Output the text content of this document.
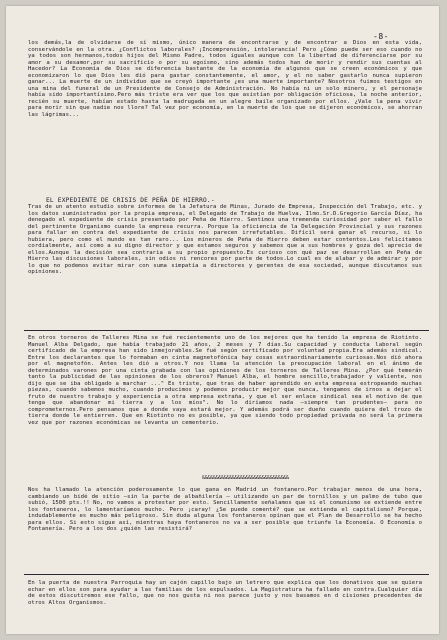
-8-

los demás,la de olvidarse de sí mismo, único manera de encontrarse y de encontrar a Dios en esta vida, conservándole en la otra. ¿Conflictos laborales? ¡Incomprensión, intolerancia! Pero ¿Cómo puede ser eso cuando no ya todos son hermanos,todos hijos del Mismo Padre, todos iguales aunque con la libertad de diferenciarse por su amor a su desamor,por su sacrificio o por su egoísmo, sino además todos han de morir y rendir sus cuentas al Hacedor? La Economía de Dios se diferencia bastante de la economía de algunos que se creen económicos y que economizaron lo que Dios les dió para gastar constantemente, el amor, y el no saber gastarlo nunca supieron ganar... La muerte de un individuo que se creyó importante ¿es una muerte importante? Nosotros fuimos testigos en una mina del funeral de un Presidente de Consejo de Administración. No había ni un solo minero, y el personaje había sido importantísimo.Pero más triste era ver que los que asistían por obligación oficiosa, la noche anterior, recién su muerte, habían estado hasta la madrugada en un alegre baile organizado por ellos. ¿Vale la pena vivir para morir sin que nadie nos llore? Tal vez por economía, en la muerte de los que se dijeron económicos, se ahorran las lágrimas...

EL EXPEDIENTE DE CRISIS DE PEÑA DE HIERRO.-

Tras de un atento estudio sobre informes de la Jefatura de Minas, Jurado de Empresa, Inspección del Trabajo, etc. y los datos suministrados por la propia empresa, el Delegado de Trabajo de Huelva, Ilmo.Sr.D.Gregorio García Díez, ha denegado el expediente de crisis presentado por Peña de Hierro. Sentimos una tremenda curiosidad por saber el fallo del pertinente Organismo cuando la empresa recurra. Porque la oficiencia de la Delegación Provincial y sus razones para fallar en contra del expediente de crisis nos parecen irrefutables. Difícil será ganar el recurso, si lo hubiera, pero como el mundo es tan raro... Los mineros de Peña de Hierro deben estar contentos.Les felicitamos cordialmente, así como a su digno director y que estamos seguros y sabemos que a sus hombres y goza del aprecio de ellos.Aunque la decisión sea contraria a su propio propuesto.Es curioso con qué paz se desarrollan en Peña de Hierro las discusiones laborales, sin odios ni rencores por parte de todos.Lo cual es de alabar y de admirar y por lo que no podemos evitar mirar con suma simpatía a directores y gerentes de esa sociedad, aunque discutamos sus opiniones.

En otros torneros de Talleres Mina se fué recientemente uno de los mejores que ha tenido la empresa de Riotinto. Manuel Alba Delgado, que había trabajado 21 años, 2 meses y 7 días.Su capacidad y conducta laboral según certificado de la empresa han sido inmejorables.Se fué según certificado por voluntad propia.Era además sindical. Entre los declarantes que lo formaban en cinta magnetofónica hay cosas extraordinariamente curiosas.Nos dió ahora por el magnetofón. Antes les dió a otros.Y nos llama la atención la preocupación laboral en el ánimo de determinados varones por una cinta grabada con las opiniones de los torneros de Talleres Mina. ¿Por qué temerán tanto la publicidad de las opiniones de los obreros? Manuel Alba, el hombre sencillo,trabajador y valiente, nos dijo que se iba obligado a marchar ..." Es triste, que tras de haber aprendido en esta empresa estropeando muchas piezas, cuando sabemos mucho, cuando producimos y podemos producir mejor que nunca, tengamos de irnos a dejar el fruto de nuestro trabajo y experiencia a otra empresa extraña, y que el ser enlace sindical sea el motivo de que tenga que abandonar mi tierra y a los míos". No lo diríamos nada —siempre tan prudentes— para no comprometernos.Pero pensamos que a donde vaya estará mejor. Y además podrá ser dueño cuando quiera del trozo de tierra donde le entierren. Que en Riotinto no es posible, ya que siendo todo propiedad privada no será la primera vez que por razones económicas se levanta un cementerio.

&&&&&&&&&&&&&&&&&&&&&&&&&&&&&&&&

Nos ha llamado la atención poderosamente lo que gana en Madrid un fontanero.Por trabajar menos de una hora, cambiando un bidé de sitio —sin la parte de albañilería — utilizando un par de tornillos y un palmo de tubo que subió, 1500 pts.!! No, no vamos a protestar por esto. Sencillamente señalamos que si el comunismo se extiende entre los fontaneros, lo lamentaríamos mucho. Pero ¡caray! ¿Se puede comenté? que se extienda el capitalismo? Porque, indudablemente es mucho más peligroso. Sin duda alguna los fontaneros opinan que el Plan de Desarrollo se ha hecho para ellos. Si esto sigue así, mientras haya fontaneros no va a ser posible que triunfe la Economía. O Economía o Fontanería. Pero a los dos ¿quién las resistirá?

En la puerta de nuestra Parroquia hay un cajón capillo bajo un letrero que explica que los donativos que se quiera echar en ellos son para ayudar a las familias de los expulsados. La Magistratura ha fallado en contra.Cualquier día de estos discutiremos ese fallo, que no nos gusta ni nos parece justo y nos basamos en d cisiones precedentes de otros Altos Organismos.
